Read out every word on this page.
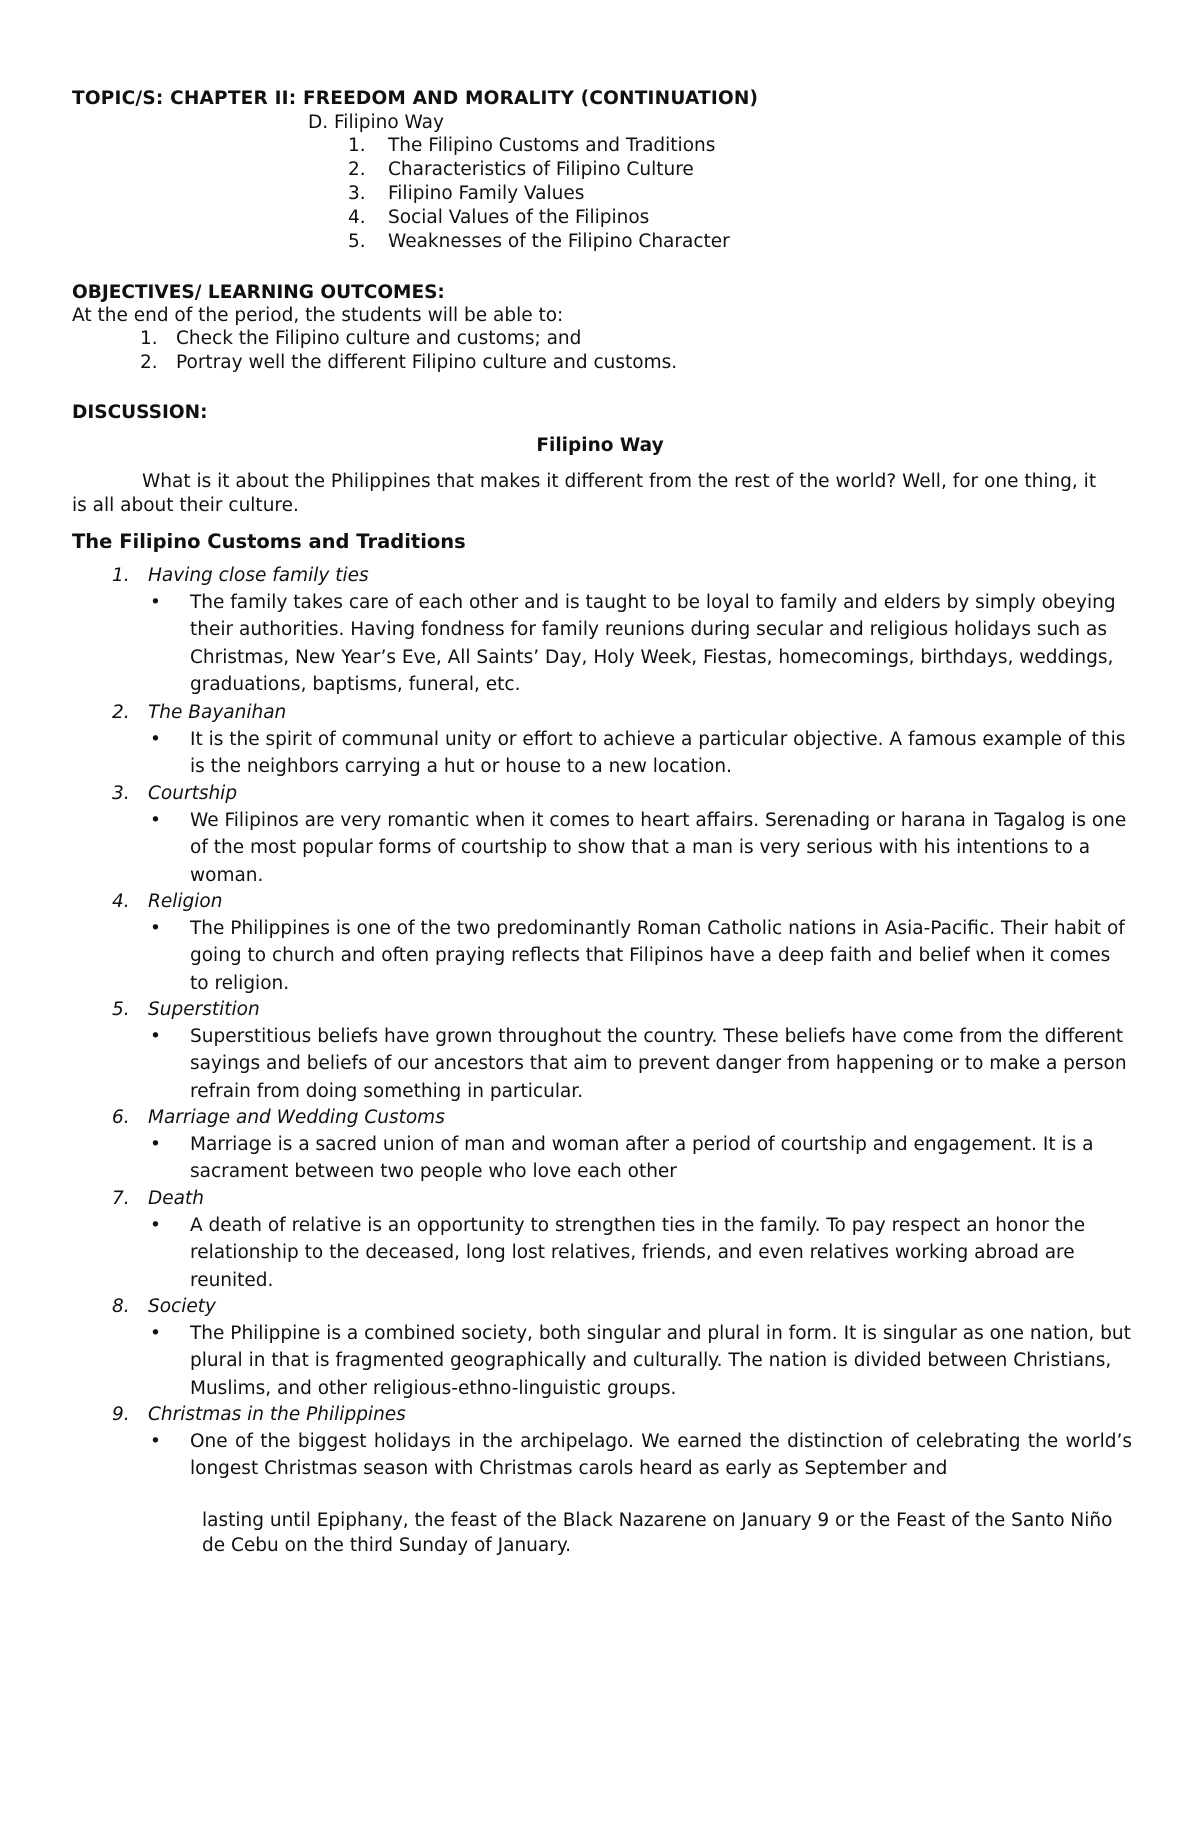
TOPIC/S: CHAPTER II: FREEDOM AND MORALITY (CONTINUATION)
D. Filipino Way
1. The Filipino Customs and Traditions
2. Characteristics of Filipino Culture
3. Filipino Family Values
4. Social Values of the Filipinos
5. Weaknesses of the Filipino Character
OBJECTIVES/ LEARNING OUTCOMES:
At the end of the period, the students will be able to:
1. Check the Filipino culture and customs; and
2. Portray well the different Filipino culture and customs.
DISCUSSION:
Filipino Way
What is it about the Philippines that makes it different from the rest of the world? Well, for one thing, it is all about their culture.
The Filipino Customs and Traditions
1. Having close family ties
• The family takes care of each other and is taught to be loyal to family and elders by simply obeying their authorities. Having fondness for family reunions during secular and religious holidays such as Christmas, New Year’s Eve, All Saints’ Day, Holy Week, Fiestas, homecomings, birthdays, weddings, graduations, baptisms, funeral, etc.
2. The Bayanihan
• It is the spirit of communal unity or effort to achieve a particular objective. A famous example of this is the neighbors carrying a hut or house to a new location.
3. Courtship
• We Filipinos are very romantic when it comes to heart affairs. Serenading or harana in Tagalog is one of the most popular forms of courtship to show that a man is very serious with his intentions to a woman.
4. Religion
• The Philippines is one of the two predominantly Roman Catholic nations in Asia-Pacific. Their habit of going to church and often praying reflects that Filipinos have a deep faith and belief when it comes to religion.
5. Superstition
• Superstitious beliefs have grown throughout the country. These beliefs have come from the different sayings and beliefs of our ancestors that aim to prevent danger from happening or to make a person refrain from doing something in particular.
6. Marriage and Wedding Customs
• Marriage is a sacred union of man and woman after a period of courtship and engagement. It is a sacrament between two people who love each other
7. Death
• A death of relative is an opportunity to strengthen ties in the family. To pay respect an honor the relationship to the deceased, long lost relatives, friends, and even relatives working abroad are reunited.
8. Society
• The Philippine is a combined society, both singular and plural in form. It is singular as one nation, but plural in that is fragmented geographically and culturally. The nation is divided between Christians, Muslims, and other religious-ethno-linguistic groups.
9. Christmas in the Philippines
• One of the biggest holidays in the archipelago. We earned the distinction of celebrating the world’s longest Christmas season with Christmas carols heard as early as September and
lasting until Epiphany, the feast of the Black Nazarene on January 9 or the Feast of the Santo Niño de Cebu on the third Sunday of January.
